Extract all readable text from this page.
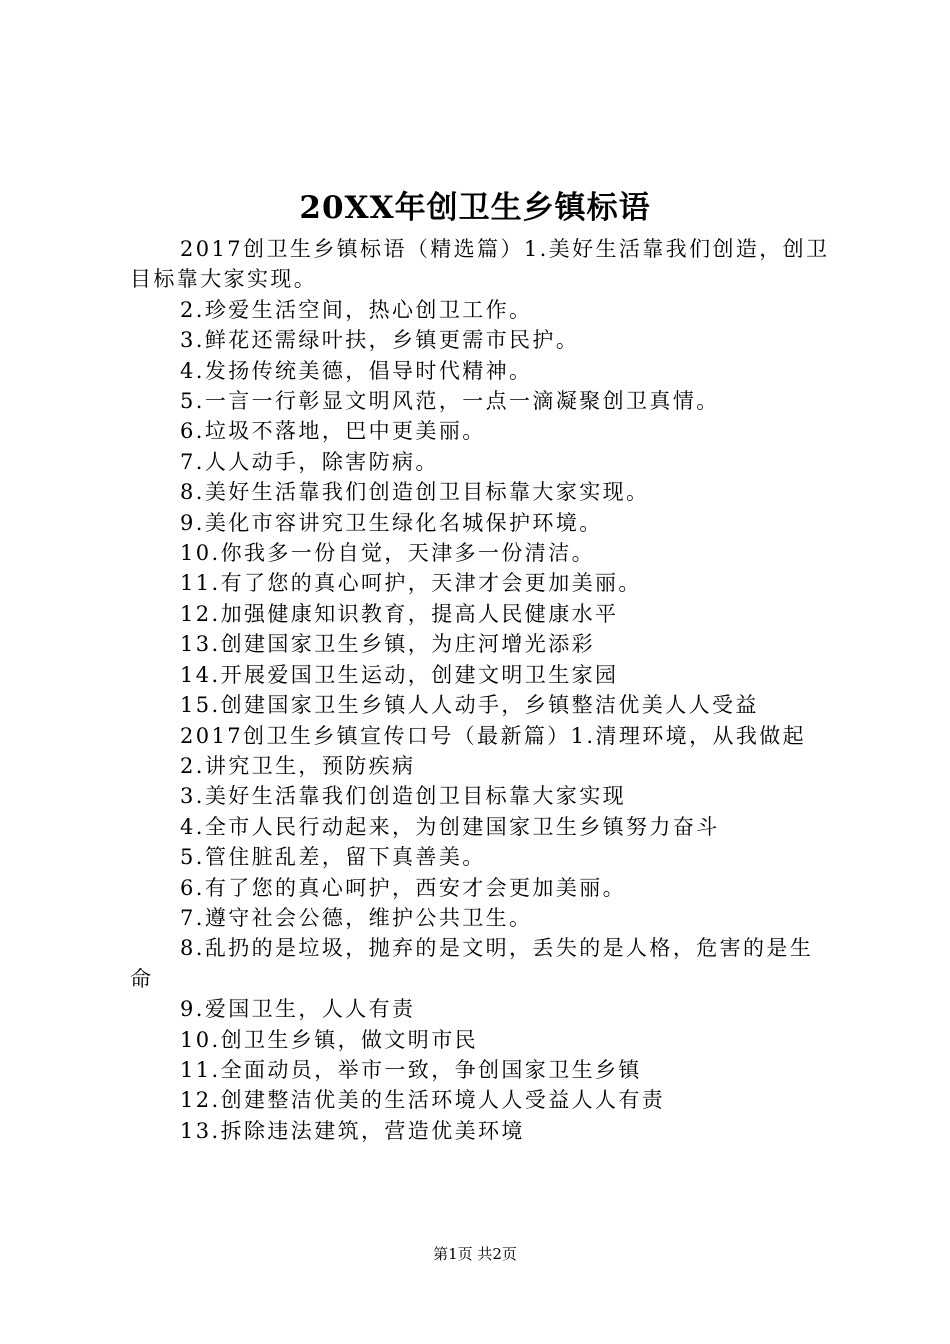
20XX年创卫生乡镇标语

2017创卫生乡镇标语（精选篇）1.美好生活靠我们创造，创卫目标靠大家实现。

2.珍爱生活空间，热心创卫工作。

3.鲜花还需绿叶扶，乡镇更需市民护。

4.发扬传统美德，倡导时代精神。

5.一言一行彰显文明风范，一点一滴凝聚创卫真情。

6.垃圾不落地，巴中更美丽。

7.人人动手，除害防病。

8.美好生活靠我们创造创卫目标靠大家实现。

9.美化市容讲究卫生绿化名城保护环境。

10.你我多一份自觉，天津多一份清洁。

11.有了您的真心呵护，天津才会更加美丽。

12.加强健康知识教育，提高人民健康水平

13.创建国家卫生乡镇，为庄河增光添彩

14.开展爱国卫生运动，创建文明卫生家园

15.创建国家卫生乡镇人人动手，乡镇整洁优美人人受益

2017创卫生乡镇宣传口号（最新篇）1.清理环境，从我做起

2.讲究卫生，预防疾病

3.美好生活靠我们创造创卫目标靠大家实现

4.全市人民行动起来，为创建国家卫生乡镇努力奋斗

5.管住脏乱差，留下真善美。

6.有了您的真心呵护，西安才会更加美丽。

7.遵守社会公德，维护公共卫生。

8.乱扔的是垃圾，抛弃的是文明，丢失的是人格，危害的是生命

9.爱国卫生，人人有责

10.创卫生乡镇，做文明市民

11.全面动员，举市一致，争创国家卫生乡镇

12.创建整洁优美的生活环境人人受益人人有责

13.拆除违法建筑，营造优美环境

第1页 共2页
